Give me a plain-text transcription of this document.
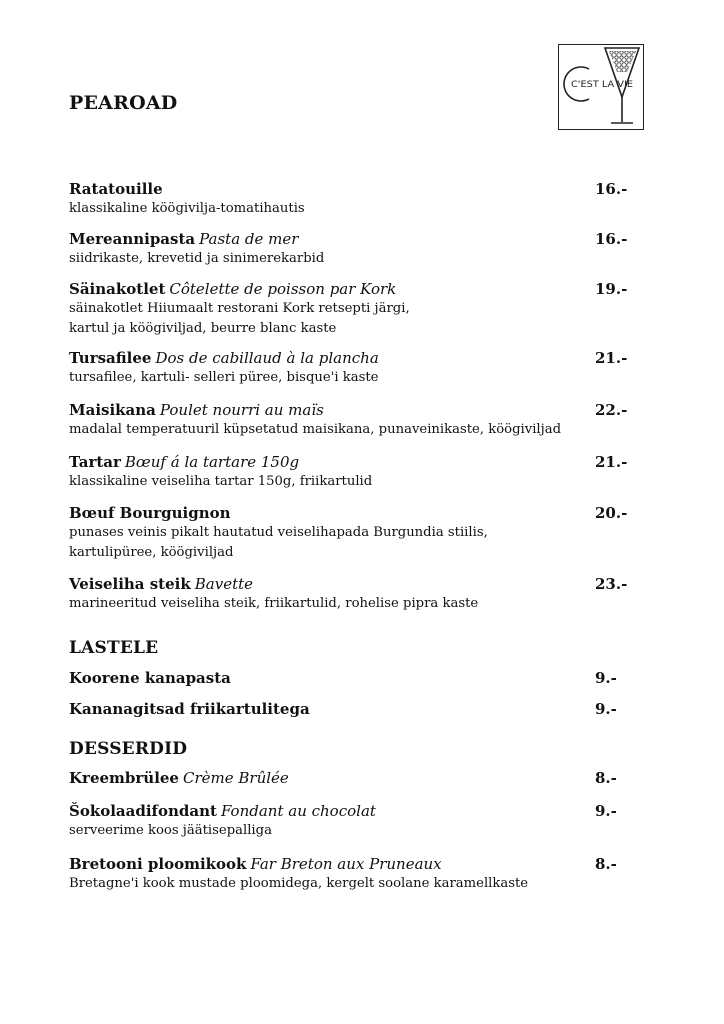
C'EST LA VIE
PEAROAD
Ratatouille	16.-
klassikaline köögivilja-tomatihautis
Mereannipasta Pasta de mer	16.-
siidrikaste, krevetid ja sinimerekarbid
Säinakotlet Côtelette de poisson par Kork	19.-
säinakotlet Hiiumaalt restorani Kork retsepti järgi,
kartul ja köögiviljad, beurre blanc kaste
Tursafilee Dos de cabillaud à la plancha	21.-
tursafilee, kartuli- selleri püree, bisque'i kaste
Maisikana Poulet nourri au maïs	22.-
madalal temperatuuril küpsetatud maisikana, punaveinikaste, köögiviljad
Tartar Bœuf á la tartare 150g	21.-
klassikaline veiseliha tartar 150g, friikartulid
Bœuf Bourguignon	20.-
punases veinis pikalt hautatud veiselihapada Burgundia stiilis,
kartulipüree, köögiviljad
Veiseliha steik Bavette	23.-
marineeritud veiseliha steik, friikartulid, rohelise pipra kaste
LASTELE
Koorene kanapasta	9.-
Kananagitsad friikartulitega	9.-
DESSERDID
Kreembrülee Crème Brûlée	8.-
Šokolaadifondant Fondant au chocolat	9.-
serveerime koos jäätisepalliga
Bretooni ploomikook Far Breton aux Pruneaux	8.-
Bretagne'i kook mustade ploomidega, kergelt soolane karamellkaste
